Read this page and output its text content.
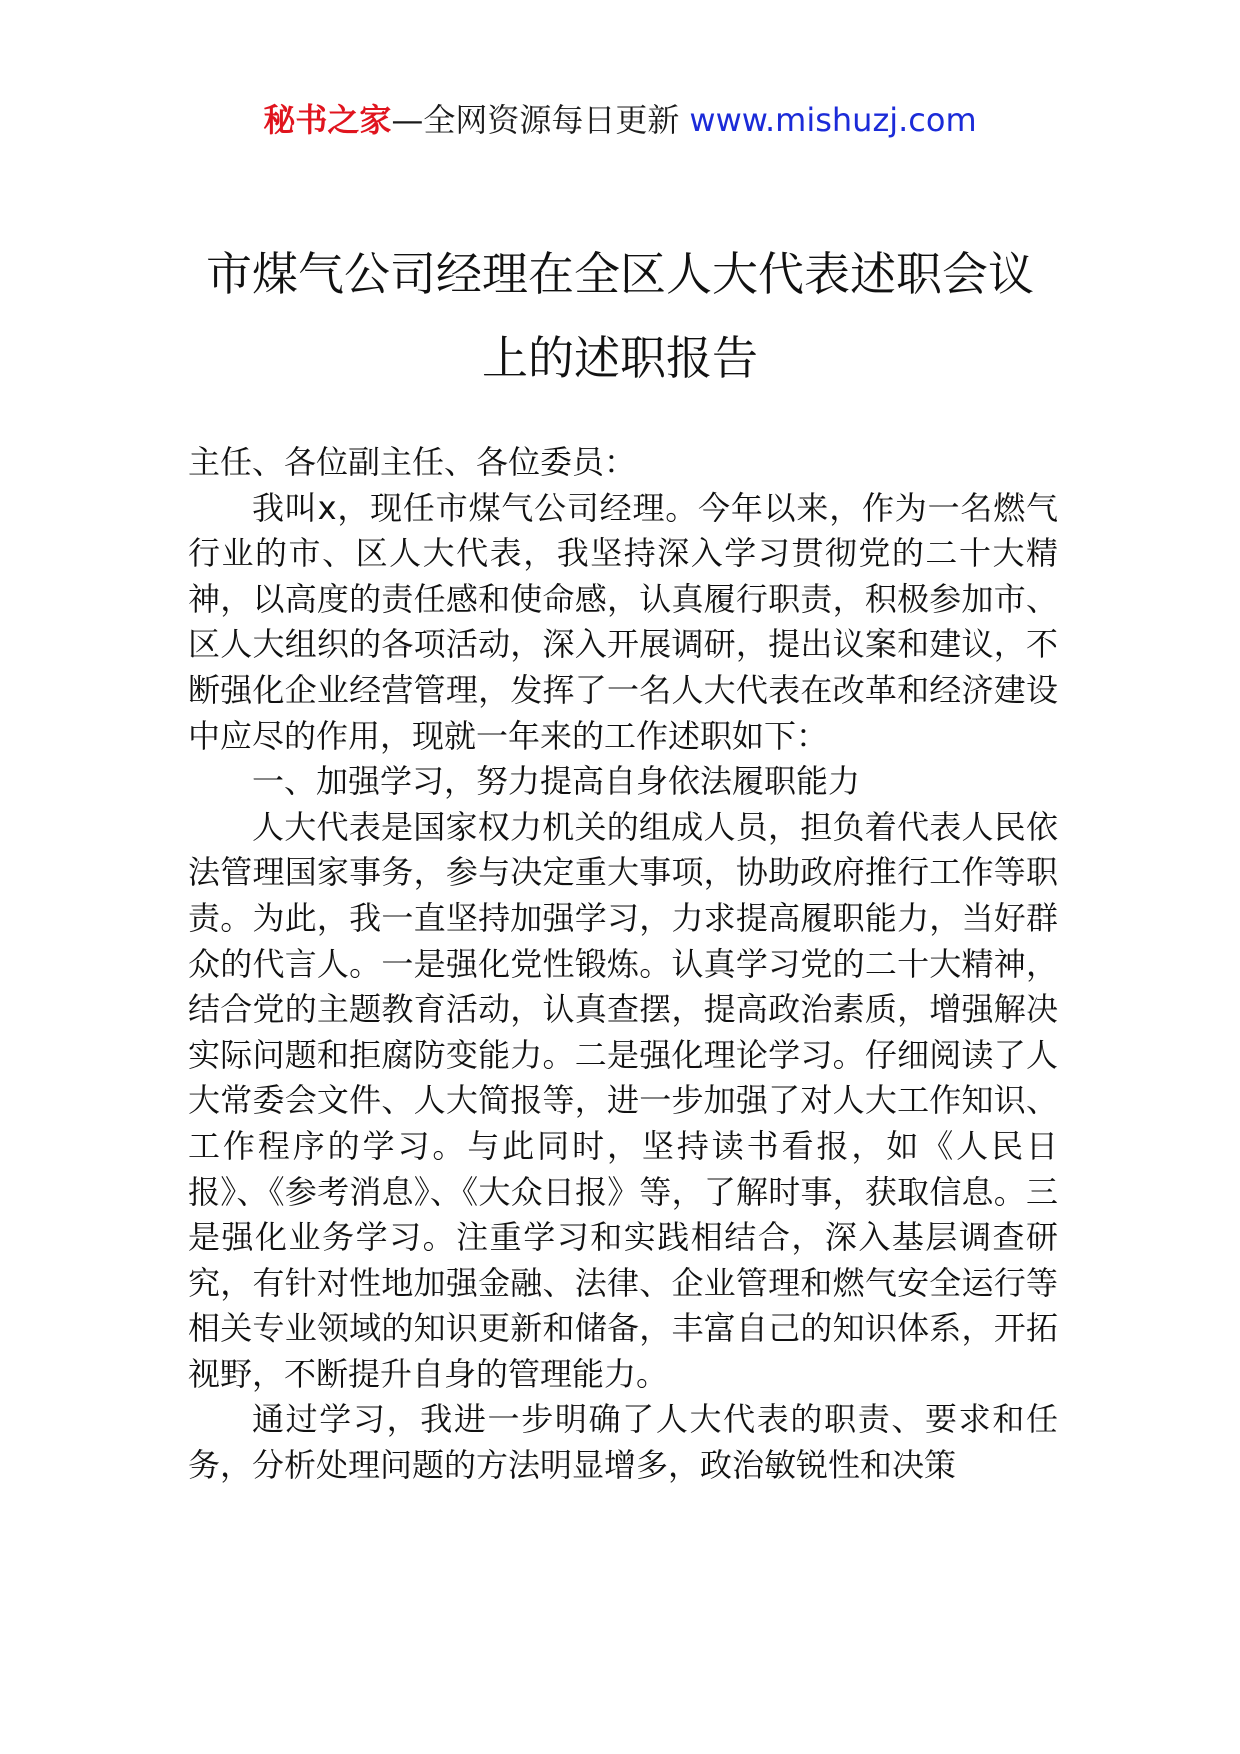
秘书之家—全网资源每日更新 www.mishuzj.com
市煤气公司经理在全区人大代表述职会议
上的述职报告

主任、各位副主任、各位委员：

我叫x，现任市煤气公司经理。今年以来，作为一名燃气行业的市、区人大代表，我坚持深入学习贯彻党的二十大精神，以高度的责任感和使命感，认真履行职责，积极参加市、区人大组织的各项活动，深入开展调研，提出议案和建议，不断强化企业经营管理，发挥了一名人大代表在改革和经济建设中应尽的作用，现就一年来的工作述职如下：

一、加强学习，努力提高自身依法履职能力

人大代表是国家权力机关的组成人员，担负着代表人民依法管理国家事务，参与决定重大事项，协助政府推行工作等职责。为此，我一直坚持加强学习，力求提高履职能力，当好群众的代言人。一是强化党性锻炼。认真学习党的二十大精神，结合党的主题教育活动，认真查摆，提高政治素质，增强解决实际问题和拒腐防变能力。二是强化理论学习。仔细阅读了人大常委会文件、人大简报等，进一步加强了对人大工作知识、工作程序的学习。与此同时，坚持读书看报，如《人民日报》、《参考消息》、《大众日报》等，了解时事，获取信息。三是强化业务学习。注重学习和实践相结合，深入基层调查研究，有针对性地加强金融、法律、企业管理和燃气安全运行等相关专业领域的知识更新和储备，丰富自己的知识体系，开拓视野，不断提升自身的管理能力。

通过学习，我进一步明确了人大代表的职责、要求和任务，分析处理问题的方法明显增多，政治敏锐性和决策
